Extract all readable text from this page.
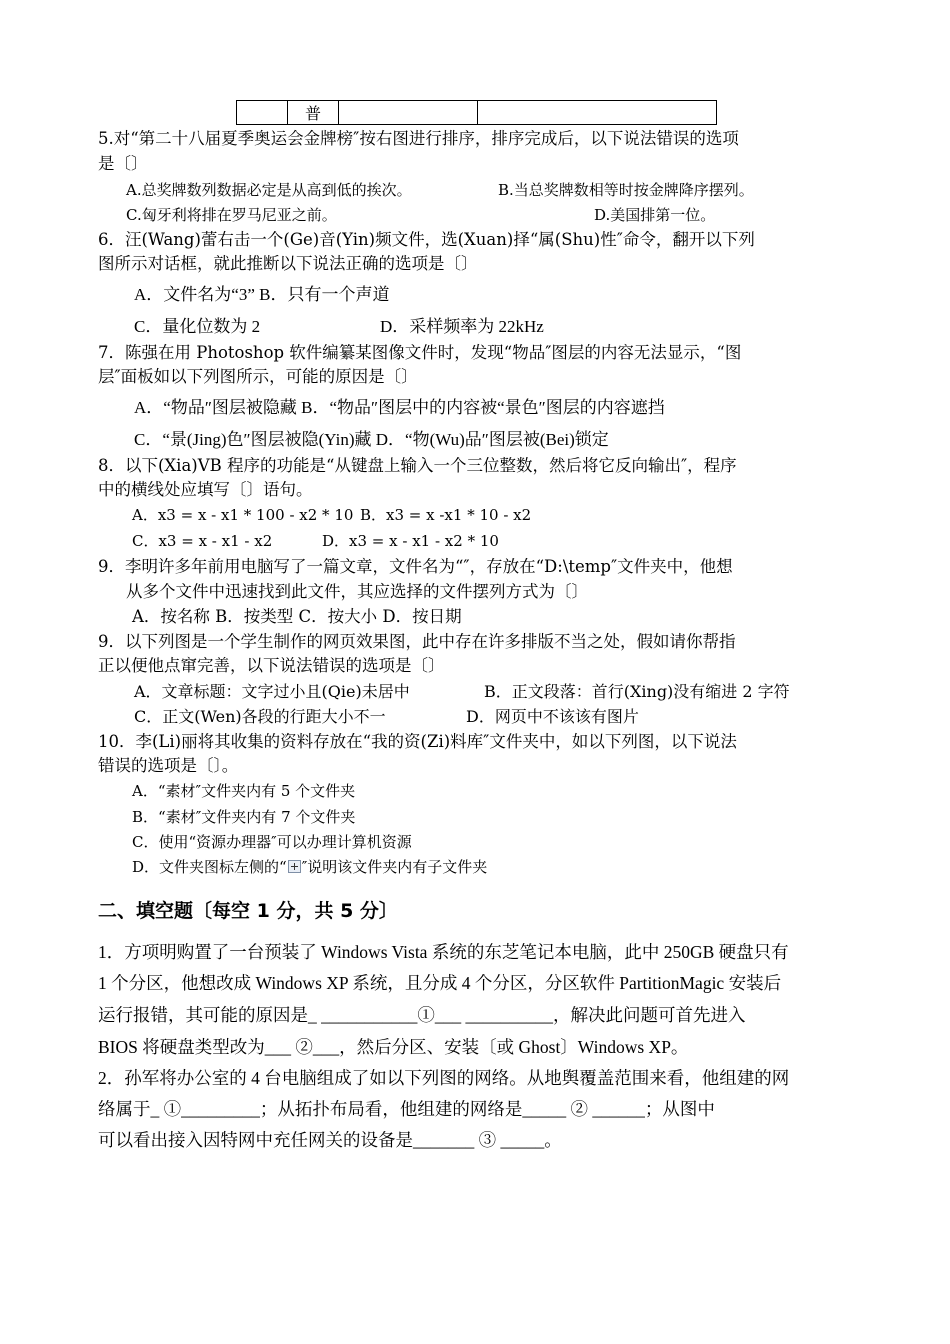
	普		
5.对“第二十八届夏季奥运会金牌榜″按右图进行排序，排序完成后，以下说法错误的选项
是〔〕
A.总奖牌数列数据必定是从高到低的挨次。	B.当总奖牌数相等时按金牌降序摆列。
C.匈牙利将排在罗马尼亚之前。	D.美国排第一位。
6．汪(Wang)蕾右击一个(Ge)音(Yin)频文件，选(Xuan)择“属(Shu)性″命令，翻开以下列
图所示对话框，就此推断以下说法正确的选项是〔〕
A．文件名为“3” B．只有一个声道
C．量化位数为 2	D．采样频率为 22kHz
7．陈强在用 Photoshop 软件编纂某图像文件时，发现“物品″图层的内容无法显示，“图
层″面板如以下列图所示，可能的原因是〔〕
A．“物品″图层被隐藏 B．“物品″图层中的内容被“景色″图层的内容遮挡
C．“景(Jing)色″图层被隐(Yin)藏 D．“物(Wu)品″图层被(Bei)锁定
8．以下(Xia)VB 程序的功能是“从键盘上输入一个三位整数，然后将它反向输出″，程序
中的横线处应填写〔〕语句。
A．x3 = x - x1 * 100 - x2 * 10 B．x3 = x -x1 * 10 - x2
C．x3 = x - x1 - x2	D．x3 = x - x1 - x2 * 10
9．李明许多年前用电脑写了一篇文章，文件名为“″，存放在“D:\temp″文件夹中，他想
从多个文件中迅速找到此文件，其应选择的文件摆列方式为〔〕
A．按名称 B．按类型 C．按大小 D．按日期
9．以下列图是一个学生制作的网页效果图，此中存在许多排版不当之处，假如请你帮指
正以便他点窜完善，以下说法错误的选项是〔〕
A．文章标题：文字过小且(Qie)未居中	B．正文段落：首行(Xing)没有缩进 2 字符
C．正文(Wen)各段的行距大小不一	D．网页中不该该有图片
10．李(Li)丽将其收集的资料存放在“我的资(Zi)料库″文件夹中，如以下列图，以下说法
错误的选项是〔〕。
A．“素材″文件夹内有 5 个文件夹
B．“素材″文件夹内有 7 个文件夹
C．使用“资源办理器″可以办理计算机资源
D．文件夹图标左侧的“ ″说明该文件夹内有子文件夹
二、填空题〔每空 1 分，共 5 分〕
1．方项明购置了一台预装了 Windows Vista 系统的东芝笔记本电脑，此中 250GB 硬盘只有
1 个分区，他想改成 Windows XP 系统，且分成 4 个分区，分区软件 PartitionMagic 安装后
运行报错，其可能的原因是_ ___________①___ __________，解决此问题可首先进入
BIOS 将硬盘类型改为___ ②___，然后分区、安装〔或 Ghost〕Windows XP。
2．孙军将办公室的 4 台电脑组成了如以下列图的网络。从地舆覆盖范围来看，他组建的网
络属于_ ①_________；从拓扑布局看，他组建的网络是_____ ② ______；从图中
可以看出接入因特网中充任网关的设备是_______ ③ _____。
